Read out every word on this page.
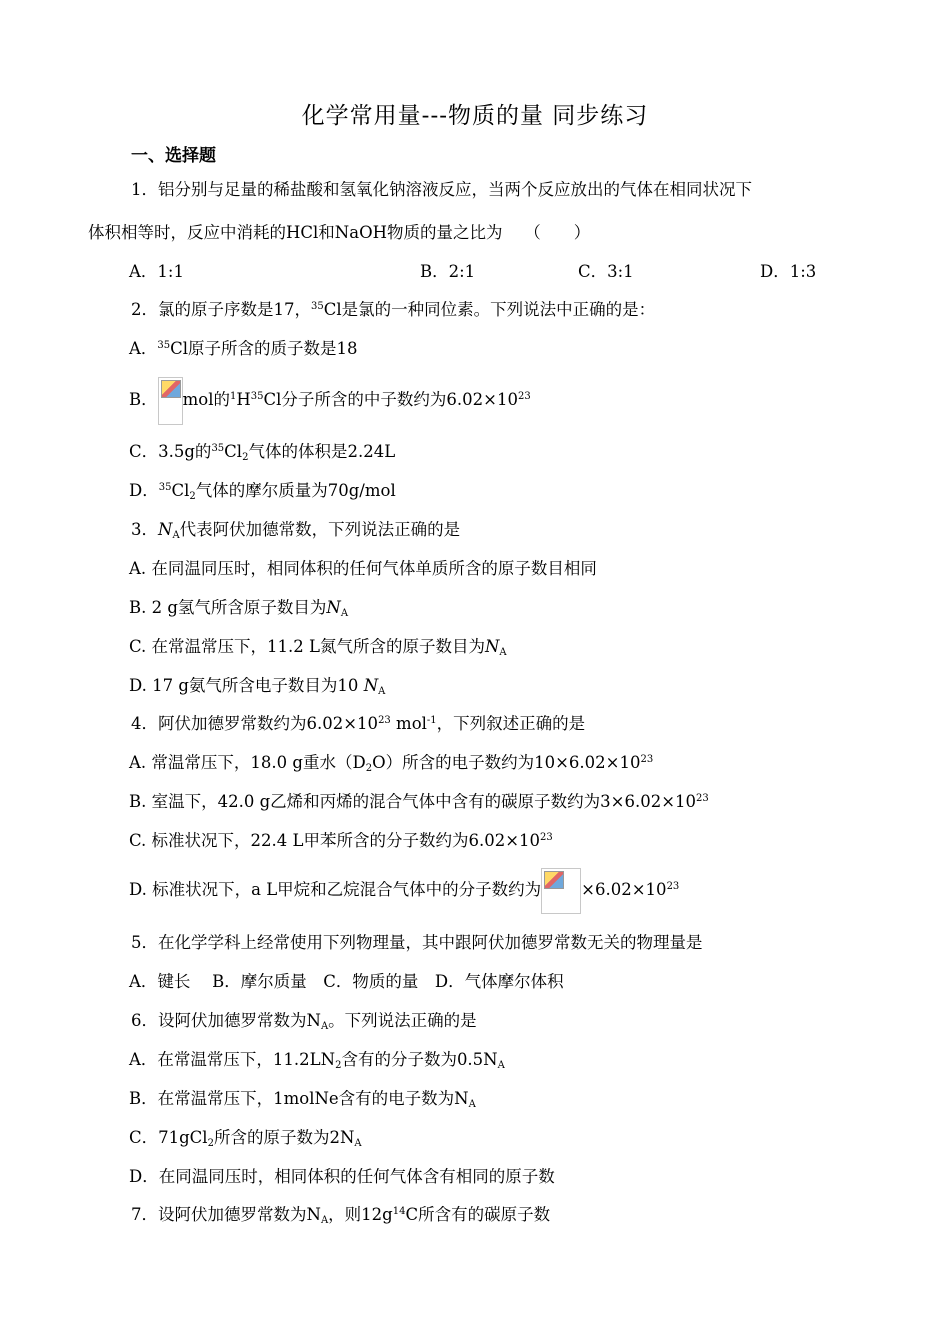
化学常用量---物质的量 同步练习
一、选择题
1．铝分别与足量的稀盐酸和氢氧化钠溶液反应，当两个反应放出的气体在相同状况下
体积相等时，反应中消耗的HCl和NaOH物质的量之比为　 （　　）
A．1:1	B．2:1	C．3:1	D．1:3
2．氯的原子序数是17，$^{35}$Cl是氯的一种同位素。下列说法中正确的是：
A．$^{35}$Cl原子所含的质子数是18
B． mol的$^1H^{35}Cl$分子所含的中子数约为$6.02\times 10^{23}$
C．3.5g的$^{35}Cl_2$气体的体积是2.24L
D．$^{35}Cl_2$气体的摩尔质量为70g/mol
3．$N_A$代表阿伏加德常数，下列说法正确的是
A. 在同温同压时，相同体积的任何气体单质所含的原子数目相同
B. 2 g氢气所含原子数目为$N_A$
C. 在常温常压下，11.2 L氮气所含的原子数目为$N_A$
D. 17 g氨气所含电子数目为10 $N_A$
4．阿伏加德罗常数约为$6.02\times 10^{23}$ mol$^{-1}$，下列叙述正确的是
A. 常温常压下，18.0 g重水$(D_2O)$所含的电子数约为$10\times 6.02\times 10^{23}$
B. 室温下，42.0 g乙烯和丙烯的混合气体中含有的碳原子数约为$3\times 6.02\times 10^{23}$
C. 标准状况下，22.4 L甲苯所含的分子数约为$6.02\times 10^{23}$
D. 标准状况下，a L甲烷和乙烷混合气体中的分子数约为 $\times 6.02\times 10^{23}$
5．在化学学科上经常使用下列物理量，其中跟阿伏加德罗常数无关的物理量是
A．键长　 B．摩尔质量　C．物质的量　D．气体摩尔体积
6．设阿伏加德罗常数为$N_A$。下列说法正确的是
A．在常温常压下，$11.2LN_2$含有的分子数为$0.5N_A$
B．在常温常压下，1molNe含有的电子数为$N_A$
C．71gCl$_2$所含的原子数为$2N_A$
D．在同温同压时，相同体积的任何气体含有相同的原子数
7．设阿伏加德罗常数为$N_A$，则$12g^{14}C$所含有的碳原子数
